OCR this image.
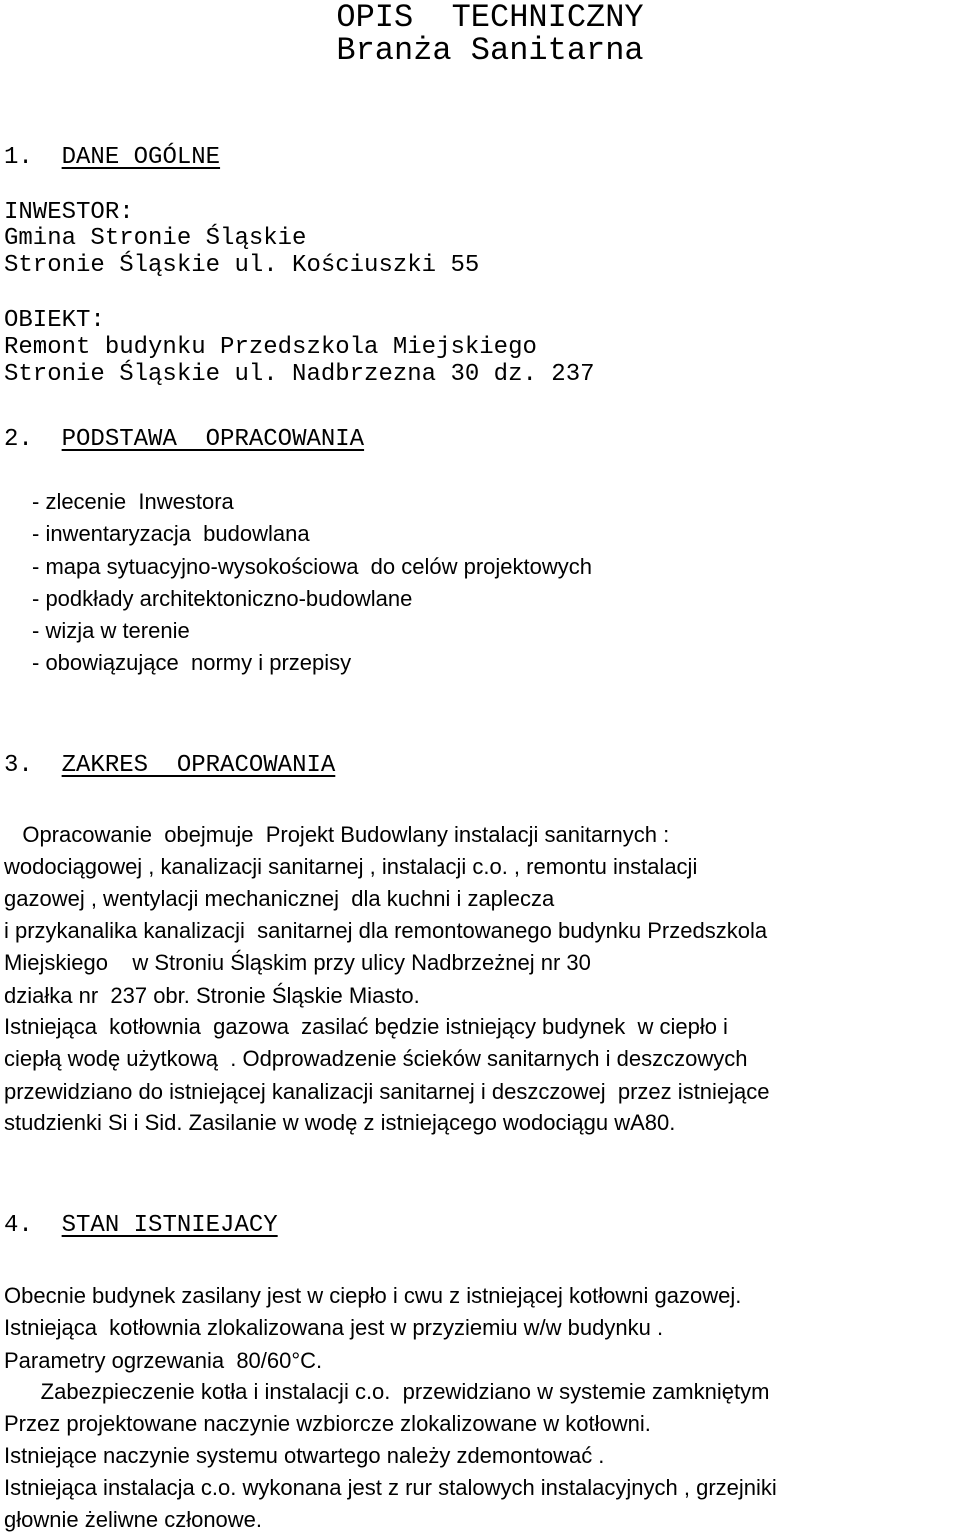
OPIS  TECHNICZNY
Branża Sanitarna
1. DANE OGÓLNE
INWESTOR:
Gmina Stronie Śląskie
Stronie Śląskie ul. Kościuszki 55
OBIEKT:
Remont budynku Przedszkola Miejskiego
Stronie Śląskie ul. Nadbrzezna 30 dz. 237
2. PODSTAWA  OPRACOWANIA
- zlecenie  Inwestora
- inwentaryzacja  budowlana
- mapa sytuacyjno-wysokościowa  do celów projektowych
- podkłady architektoniczno-budowlane
- wizja w terenie
- obowiązujące  normy i przepisy
3. ZAKRES  OPRACOWANIA
Opracowanie  obejmuje  Projekt Budowlany instalacji sanitarnych :
wodociągowej , kanalizacji sanitarnej , instalacji c.o. , remontu instalacji
gazowej , wentylacji mechanicznej  dla kuchni i zaplecza
i przykanalika kanalizacji  sanitarnej dla remontowanego budynku Przedszkola
Miejskiego    w Stroniu Śląskim przy ulicy Nadbrzeżnej nr 30
działka nr  237 obr. Stronie Śląskie Miasto.
Istniejąca  kotłownia  gazowa  zasilać będzie istniejący budynek  w ciepło i
ciepłą wodę użytkową  . Odprowadzenie ścieków sanitarnych i deszczowych
przewidziano do istniejącej kanalizacji sanitarnej i deszczowej  przez istniejące
studzienki Si i Sid. Zasilanie w wodę z istniejącego wodociągu wA80.
4. STAN ISTNIEJACY
Obecnie budynek zasilany jest w ciepło i cwu z istniejącej kotłowni gazowej.
Istniejąca  kotłownia zlokalizowana jest w przyziemiu w/w budynku .
Parametry ogrzewania  80/60°C.
Zabezpieczenie kotła i instalacji c.o.  przewidziano w systemie zamkniętym
Przez projektowane naczynie wzbiorcze zlokalizowane w kotłowni.
Istniejące naczynie systemu otwartego należy zdemontować .
Istniejąca instalacja c.o. wykonana jest z rur stalowych instalacyjnych , grzejniki
głownie żeliwne członowe.
